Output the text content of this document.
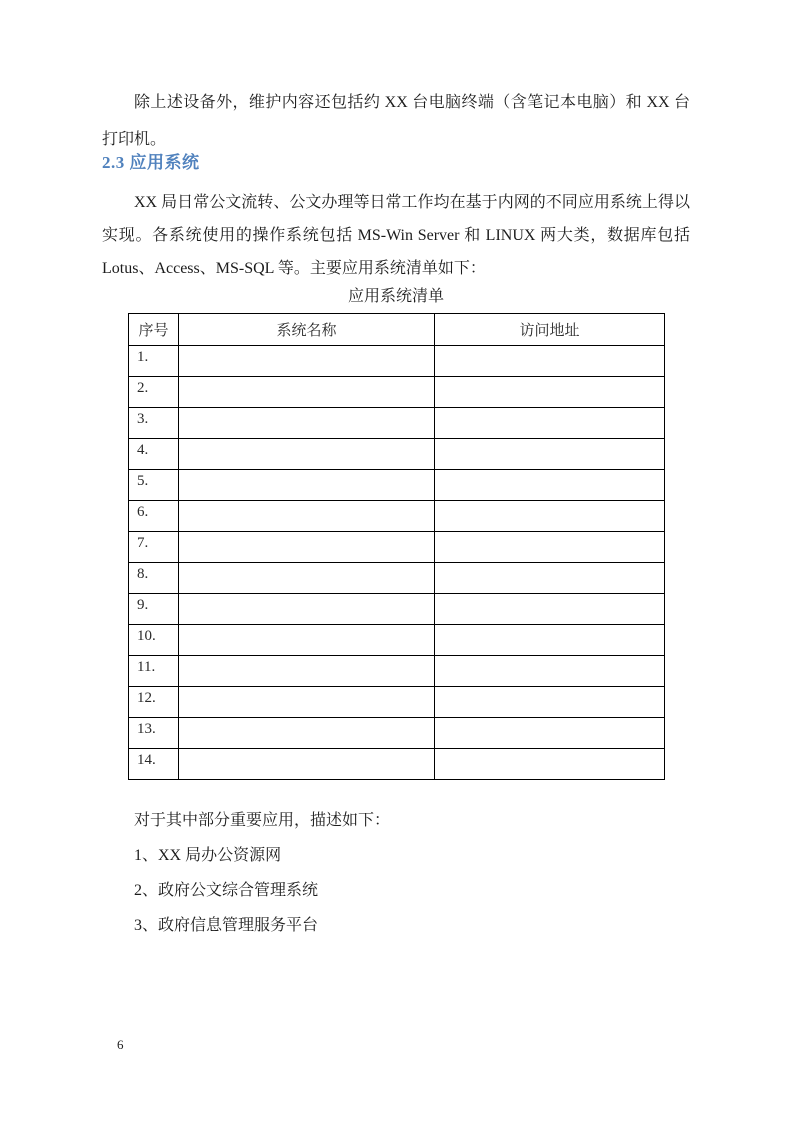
除上述设备外，维护内容还包括约 XX 台电脑终端（含笔记本电脑）和 XX 台打印机。

2.3 应用系统

XX 局日常公文流转、公文办理等日常工作均在基于内网的不同应用系统上得以实现。各系统使用的操作系统包括 MS-Win Server 和 LINUX 两大类，数据库包括 Lotus、Access、MS-SQL 等。主要应用系统清单如下：

应用系统清单
序号	系统名称	访问地址
1.		
2.		
3.		
4.		
5.		
6.		
7.		
8.		
9.		
10.		
11.		
12.		
13.		
14.		

对于其中部分重要应用，描述如下：

1、XX 局办公资源网
2、政府公文综合管理系统
3、政府信息管理服务平台
6
